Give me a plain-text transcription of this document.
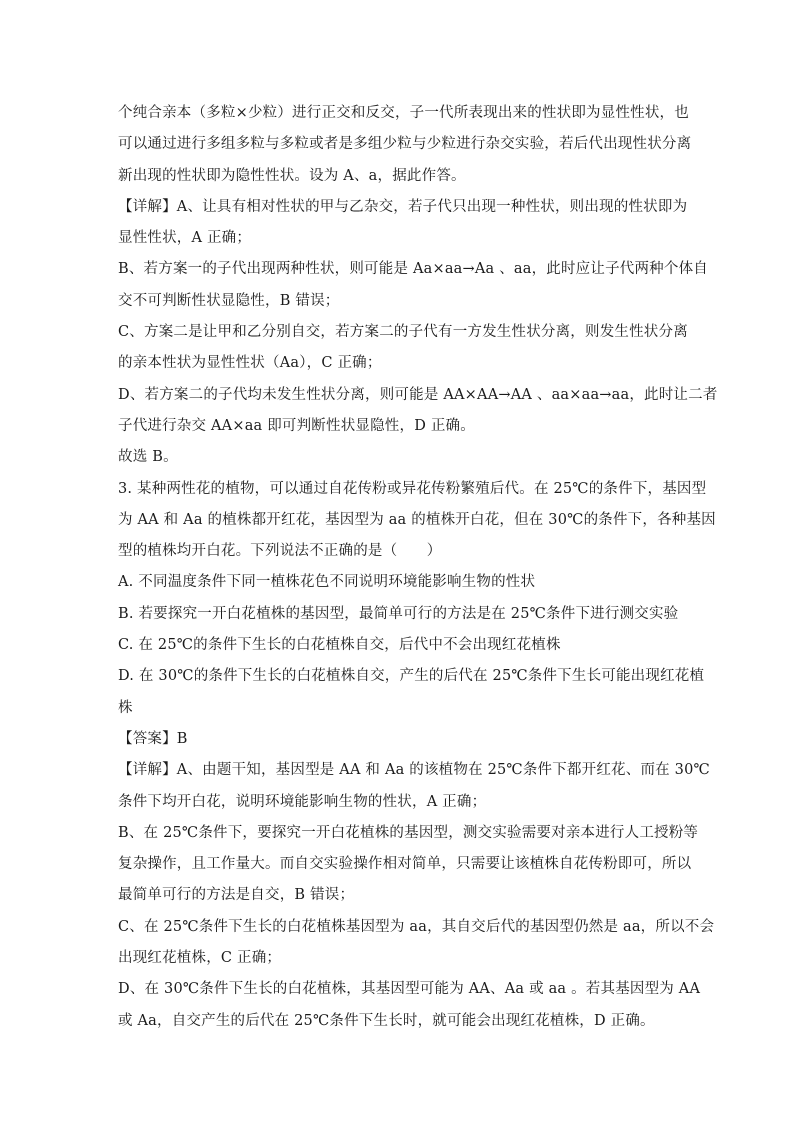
个纯合亲本（多粒×少粒）进行正交和反交，子一代所表现出来的性状即为显性性状，也
可以通过进行多组多粒与多粒或者是多组少粒与少粒进行杂交实验，若后代出现性状分离
新出现的性状即为隐性性状。设为 A、a，据此作答。
【详解】A、让具有相对性状的甲与乙杂交，若子代只出现一种性状，则出现的性状即为
显性性状，A 正确；
B、若方案一的子代出现两种性状，则可能是 Aa×aa→Aa 、aa，此时应让子代两种个体自
交不可判断性状显隐性，B 错误；
C、方案二是让甲和乙分别自交，若方案二的子代有一方发生性状分离，则发生性状分离
的亲本性状为显性性状（Aa），C 正确；
D、若方案二的子代均未发生性状分离，则可能是 AA×AA→AA 、aa×aa→aa，此时让二者
子代进行杂交 AA×aa 即可判断性状显隐性，D 正确。
故选 B。
3. 某种两性花的植物，可以通过自花传粉或异花传粉繁殖后代。在 25℃的条件下，基因型
为 AA 和 Aa 的植株都开红花，基因型为 aa 的植株开白花，但在 30℃的条件下，各种基因
型的植株均开白花。下列说法不正确的是（　　）
A. 不同温度条件下同一植株花色不同说明环境能影响生物的性状
B. 若要探究一开白花植株的基因型，最简单可行的方法是在 25℃条件下进行测交实验
C. 在 25℃的条件下生长的白花植株自交，后代中不会出现红花植株
D. 在 30℃的条件下生长的白花植株自交，产生的后代在 25℃条件下生长可能出现红花植
株
【答案】B
【详解】A、由题干知，基因型是 AA 和 Aa 的该植物在 25℃条件下都开红花、而在 30℃
条件下均开白花，说明环境能影响生物的性状，A 正确；
B、在 25℃条件下，要探究一开白花植株的基因型，测交实验需要对亲本进行人工授粉等
复杂操作，且工作量大。而自交实验操作相对简单，只需要让该植株自花传粉即可，所以
最简单可行的方法是自交，B 错误；
C、在 25℃条件下生长的白花植株基因型为 aa，其自交后代的基因型仍然是 aa，所以不会
出现红花植株，C 正确；
D、在 30℃条件下生长的白花植株，其基因型可能为 AA、Aa 或 aa 。若其基因型为 AA
或 Aa，自交产生的后代在 25℃条件下生长时，就可能会出现红花植株，D 正确。
